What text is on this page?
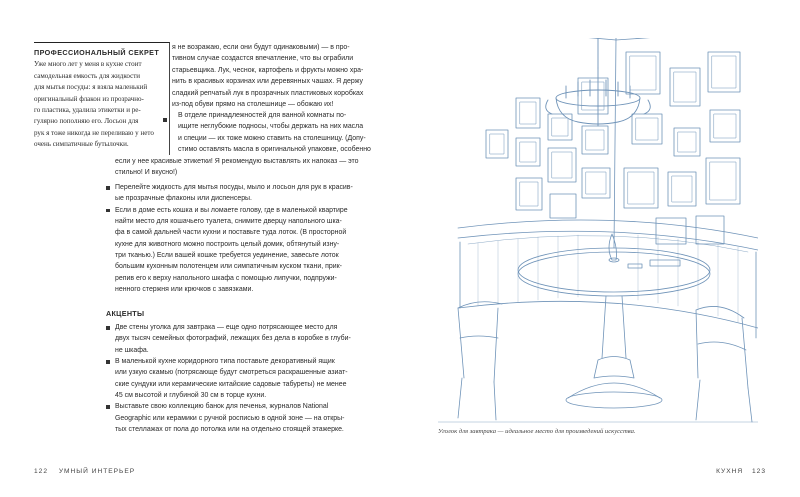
ПРОФЕССИОНАЛЬНЫЙ СЕКРЕТ
Уже много лет у меня в кухне стоит
самодельная емкость для жидкости
для мытья посуды: я взяла маленький
оригинальный флакон из прозрачно-
го пластика, удалила этикетки и ре-
гулярно пополняю его. Лосьон для
рук я тоже никогда не переливаю у нето
очень симпатичные бутылочки.
я не возражаю, если они будут одинаковыми) — в про-
тивном случае создастся впечатление, что вы ограбили
старьевщика. Лук, чеснок, картофель и фрукты можно хра-
нить в красивых корзинах или деревянных чашах. Я держу
сладкий репчатый лук в прозрачных пластиковых коробках
из-под обуви прямо на столешнице — обожаю их!
В отделе принадлежностей для ванной комнаты по-
ищите неглубокие подносы, чтобы держать на них масла
и специи — их тоже можно ставить на столешницу. (Допу-
стимо оставлять масла в оригинальной упаковке, особенно
если у нее красивые этикетки! Я рекомендую выставлять их напоказ — это
стильно! И вкусно!)
Перелейте жидкость для мытья посуды, мыло и лосьон для рук в красив-
ые прозрачные флаконы или диспенсеры.
Если в доме есть кошка и вы ломаете голову, где в маленькой квартире
найти место для кошачьего туалета, снимите дверцу напольного шка-
фа в самой дальней части кухни и поставьте туда лоток. (В просторной
кухне для животного можно построить целый домик, обтянутый изну-
три тканью.) Если вашей кошке требуется уединение, завесьте лоток
большим кухонным полотенцем или симпатичным куском ткани, прик-
репив его к верху напольного шкафа с помощью липучки, подпружи-
ненного стержня или крючков с завязками.
АКЦЕНТЫ
Две стены уголка для завтрака — еще одно потрясающее место для
двух тысяч семейных фотографий, лежащих без дела в коробке в глуби-
не шкафа.
В маленькой кухне коридорного типа поставьте декоративный ящик
или узкую скамью (потрясающе будут смотреться раскрашенные азиат-
ские сундуки или керамические китайские садовые табуреты) не менее
45 см высотой и глубиной 30 см в торце кухни.
Выставьте свою коллекцию банок для печенья, журналов National
Geographic или керамики с ручной росписью в одной зоне — на откры-
тых стеллажах от пола до потолка или на отдельно стоящей этажерке.
122 УМНЫЙ ИНТЕРЬЕР
Уголок для завтрака — идеальное место для произведений искусства.
КУХНЯ 123
